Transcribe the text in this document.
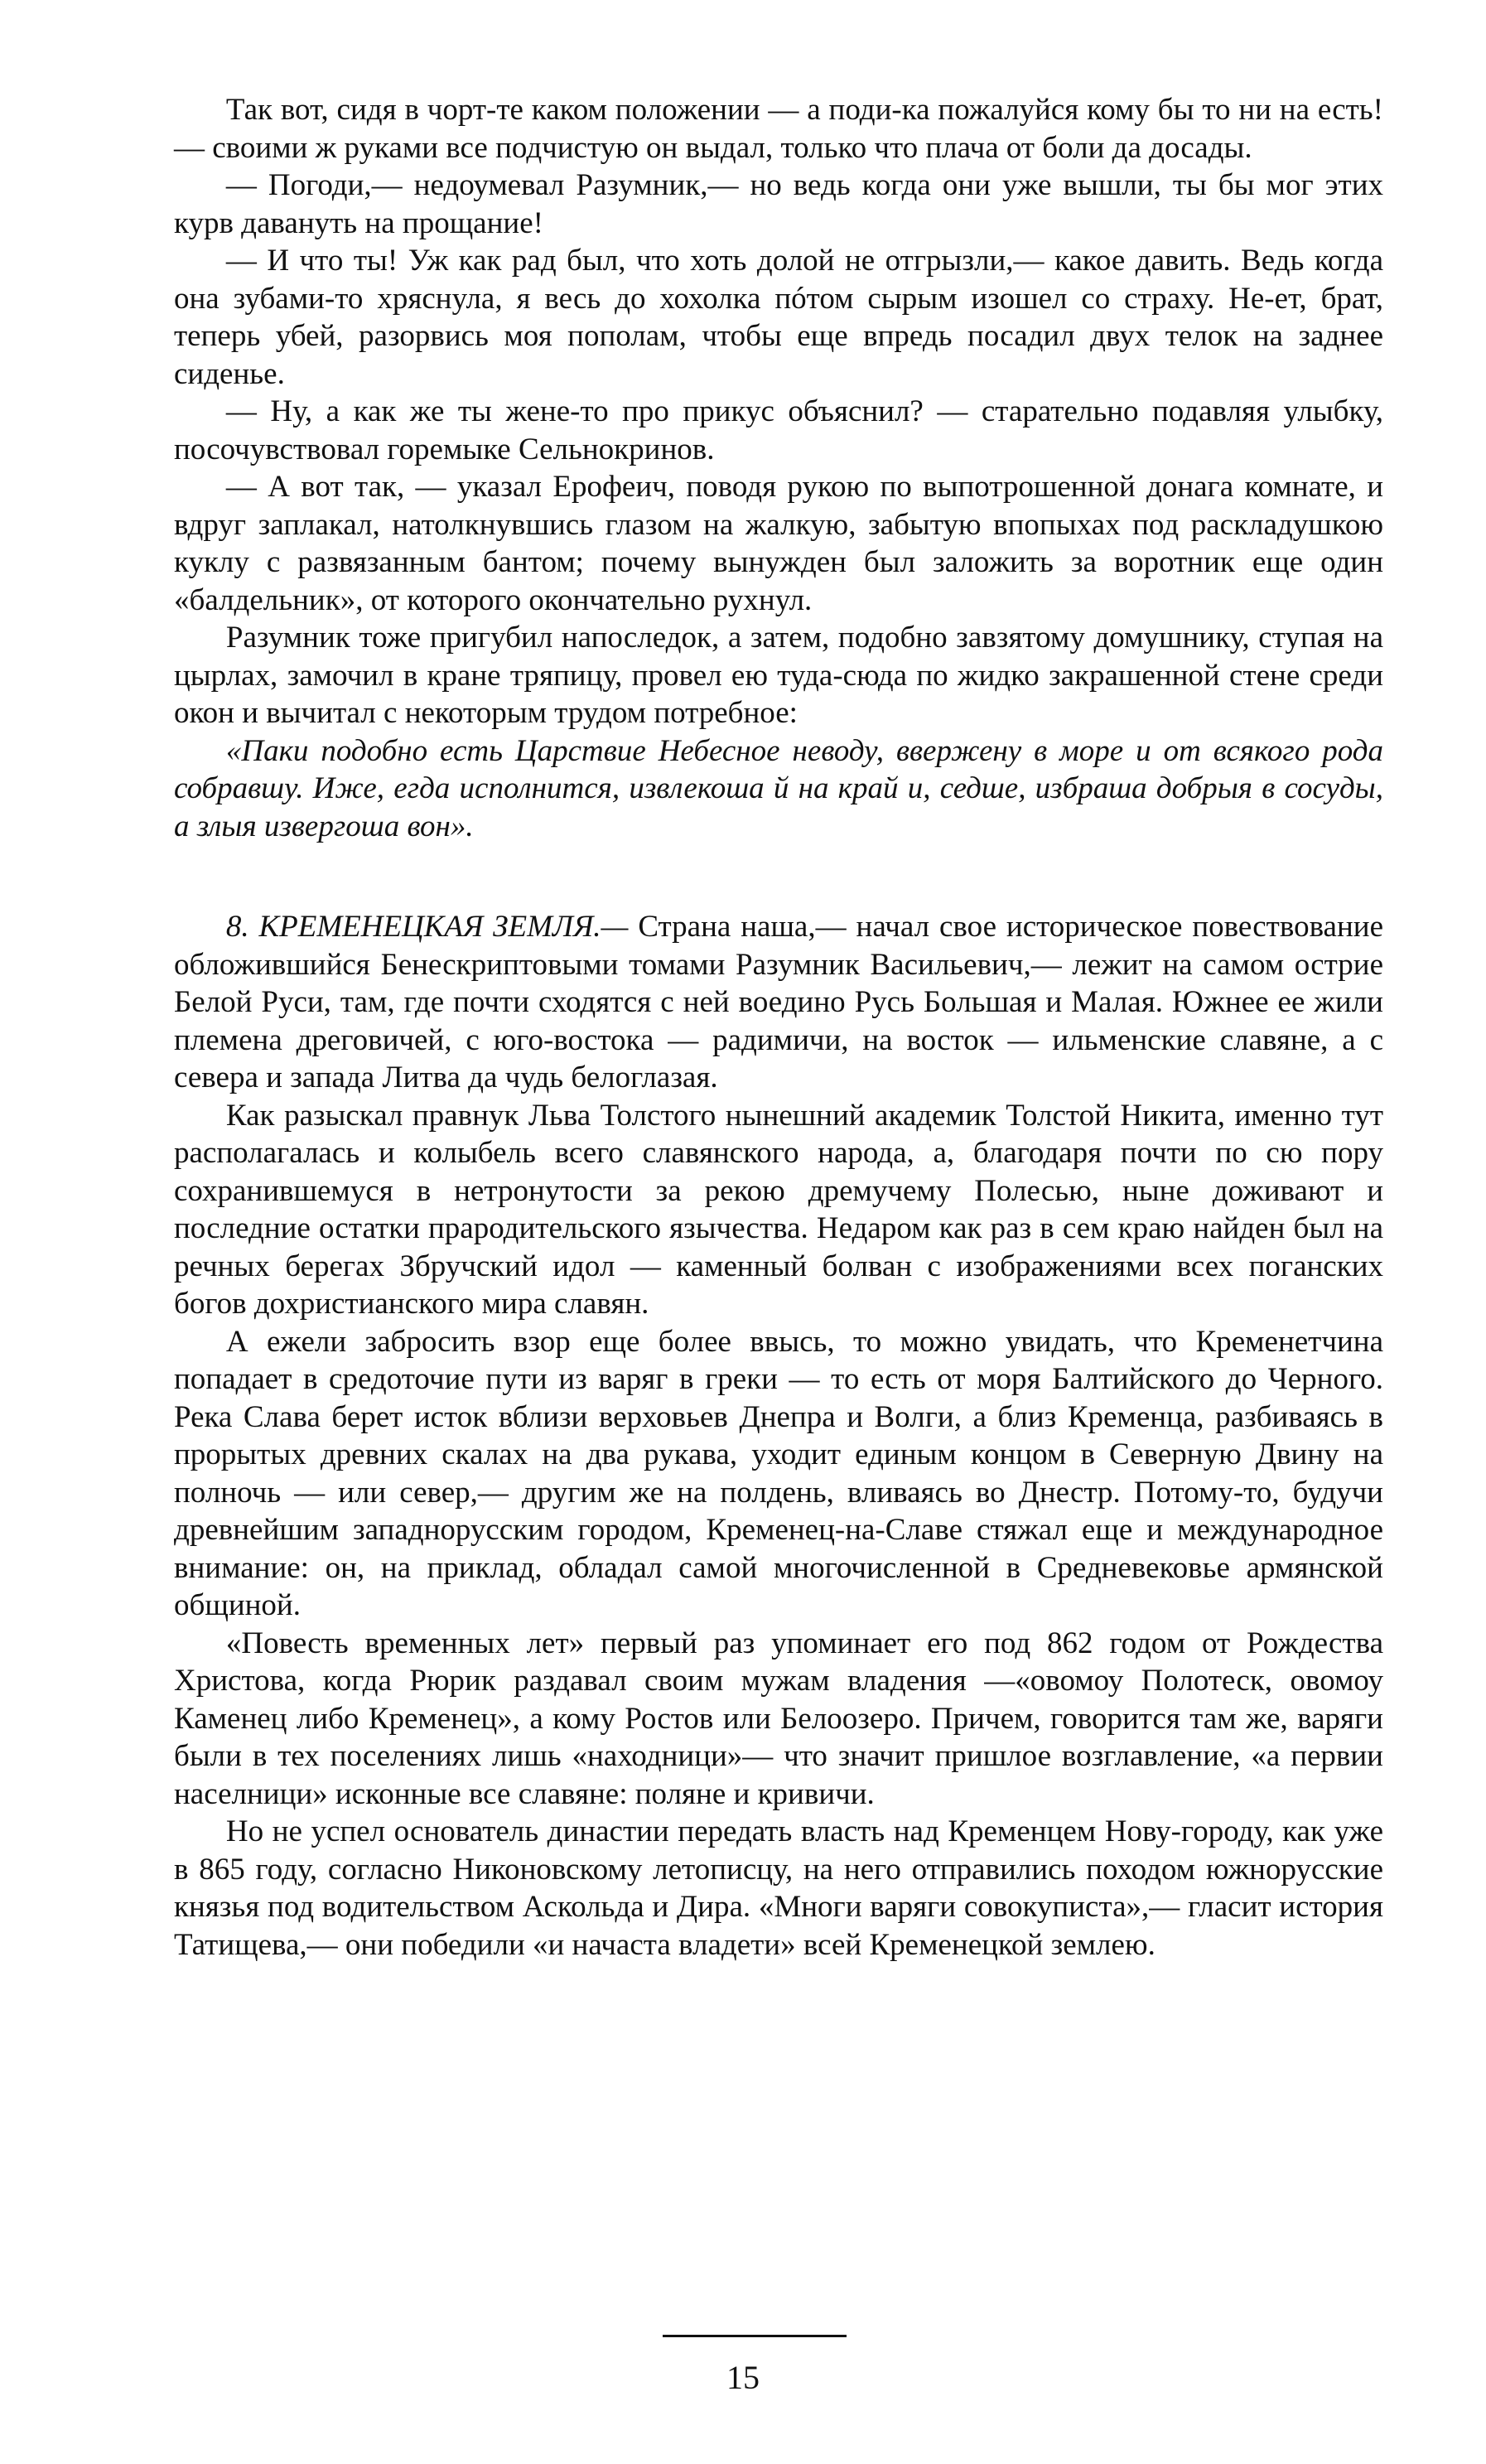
Так вот, сидя в чорт-те каком положении — а поди-ка пожалуйся кому бы то ни на есть! — своими ж руками все подчистую он выдал, только что плача от боли да досады.

— Погоди,— недоумевал Разумник,— но ведь когда они уже вышли, ты бы мог этих курв давануть на прощание!

— И что ты! Уж как рад был, что хоть долой не отгрызли,— какое давить. Ведь когда она зубами-то хряснула, я весь до хохолка пóтом сырым изошел со страху. Не-ет, брат, теперь убей, разорвись моя пополам, чтобы еще впредь посадил двух телок на заднее сиденье.

— Ну, а как же ты жене-то про прикус объяснил? — старательно подавляя улыбку, посочувствовал горемыке Сельнокринов.

— А вот так, — указал Ерофеич, поводя рукою по выпотрошенной донага комнате, и вдруг заплакал, натолкнувшись глазом на жалкую, забытую впопыхах под раскладушкою куклу с развязанным бантом; почему вынужден был заложить за воротник еще один «балдельник», от которого окончательно рухнул.

Разумник тоже пригубил напоследок, а затем, подобно завзятому домушнику, ступая на цырлах, замочил в кране тряпицу, провел ею туда-сюда по жидко закрашенной стене среди окон и вычитал с некоторым трудом потребное:

«Паки подобно есть Царствие Небесное неводу, ввержену в море и от всякого рода собравшу. Иже, егда исполнится, извлекоша й на край и, седше, избраша добрыя в сосуды, а злыя извергоша вон».

8. КРЕМЕНЕЦКАЯ ЗЕМЛЯ.— Страна наша,— начал свое историческое повествование обложившийся Бенескриптовыми томами Разумник Васильевич,— лежит на самом острие Белой Руси, там, где почти сходятся с ней воедино Русь Большая и Малая. Южнее ее жили племена дреговичей, с юго-востока — радимичи, на восток — ильменские славяне, а с севера и запада Литва да чудь белоглазая.

Как разыскал правнук Льва Толстого нынешний академик Толстой Никита, именно тут располагалась и колыбель всего славянского народа, а, благодаря почти по сю пору сохранившемуся в нетронутости за рекою дремучему Полесью, ныне доживают и последние остатки прародительского язычества. Недаром как раз в сем краю найден был на речных берегах Збручский идол — каменный болван с изображениями всех поганских богов дохристианского мира славян.

А ежели забросить взор еще более ввысь, то можно увидать, что Кременетчина попадает в средоточие пути из варяг в греки — то есть от моря Балтийского до Черного. Река Слава берет исток вблизи верховьев Днепра и Волги, а близ Кременца, разбиваясь в прорытых древних скалах на два рукава, уходит единым концом в Северную Двину на полночь — или север,— другим же на полдень, вливаясь во Днестр. Потому-то, будучи древнейшим западнорусским городом, Кременец-на-Славе стяжал еще и международное внимание: он, на приклад, обладал самой многочисленной в Средневековье армянской общиной.

«Повесть временных лет» первый раз упоминает его под 862 годом от Рождества Христова, когда Рюрик раздавал своим мужам владения —«овомоу Полотеск, овомоу Каменец либо Кременец», а кому Ростов или Белоозеро. Причем, говорится там же, варяги были в тех поселениях лишь «находници»— что значит пришлое возглавление, «а первии населници» исконные все славяне: поляне и кривичи.

Но не успел основатель династии передать власть над Кременцем Нову-городу, как уже в 865 году, согласно Никоновскому летописцу, на него отправились походом южнорусские князья под водительством Аскольда и Дира. «Многи варяги совокуписта»,— гласит история Татищева,— они победили «и начаста владети» всей Кременецкой землею.

15
